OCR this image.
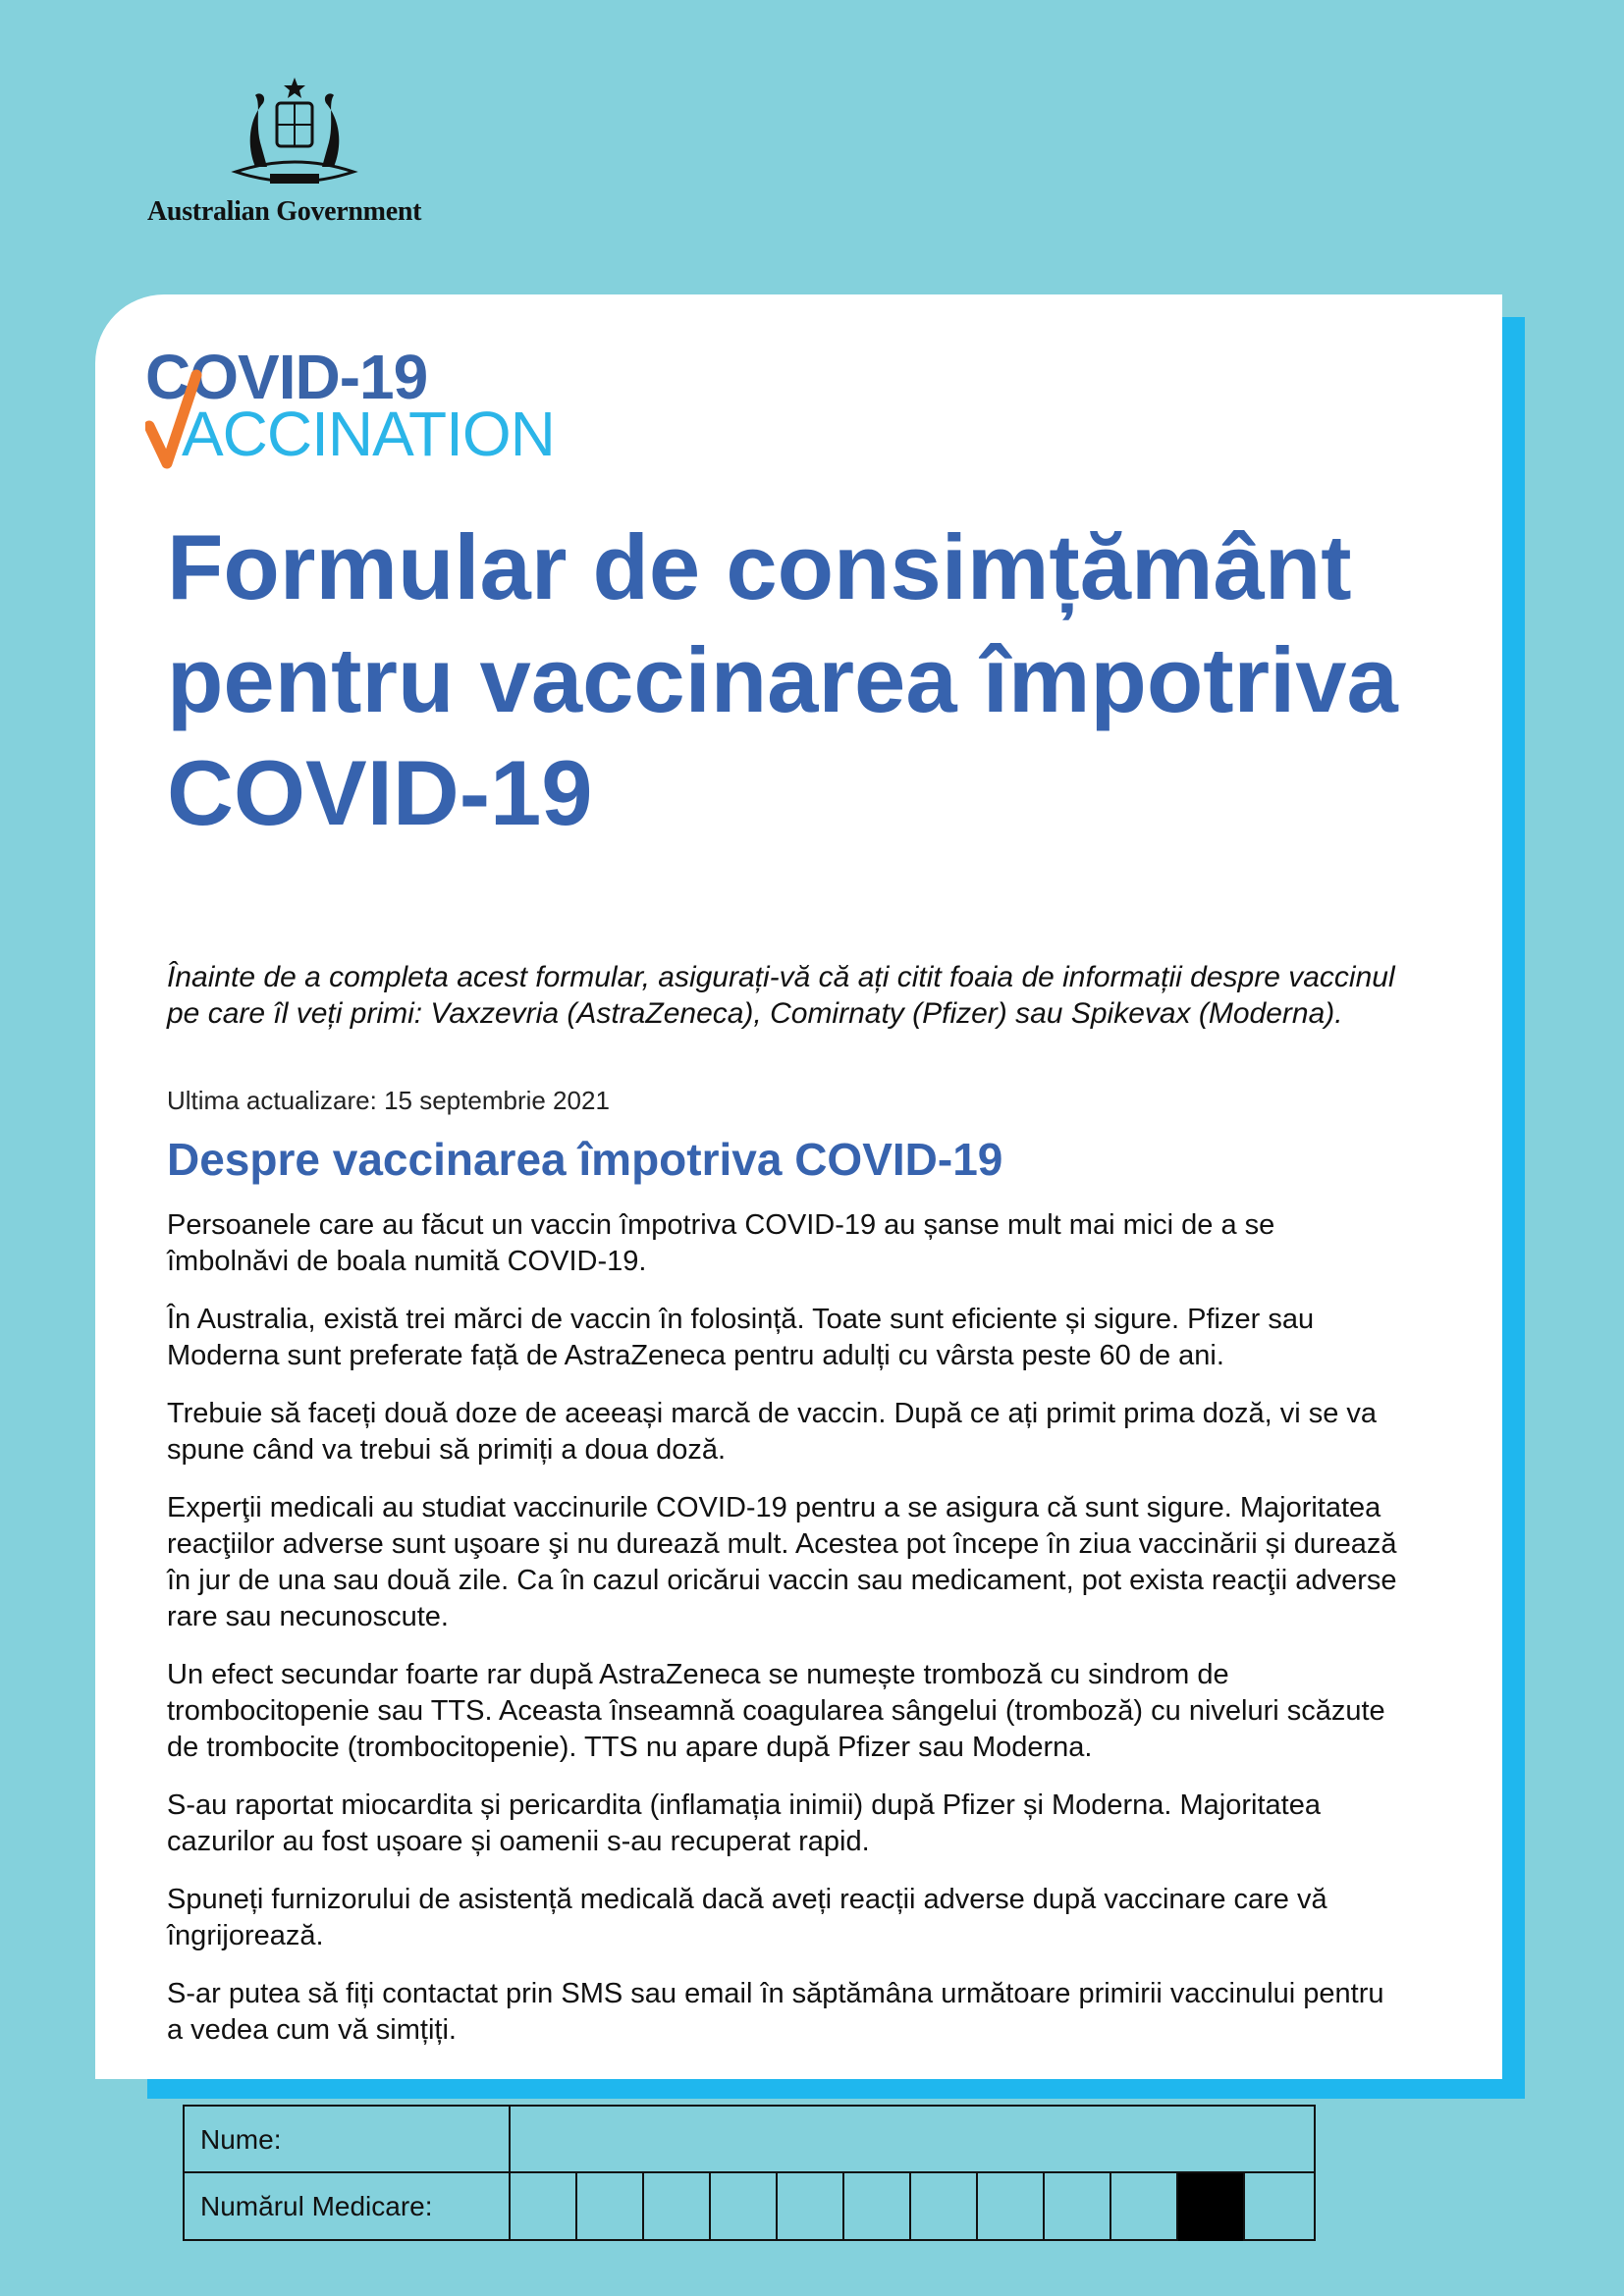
Australian Government
COVID-19
ACCINATION
Formular de consimțământ pentru vaccinarea împotriva COVID-19

Înainte de a completa acest formular, asigurați-vă că ați citit foaia de informații despre vaccinul pe care îl veți primi: Vaxzevria (AstraZeneca), Comirnaty (Pfizer) sau Spikevax (Moderna).

Ultima actualizare: 15 septembrie 2021
Despre vaccinarea împotriva COVID-19

Persoanele care au făcut un vaccin împotriva COVID-19 au șanse mult mai mici de a se îmbolnăvi de boala numită COVID-19.

În Australia, există trei mărci de vaccin în folosință. Toate sunt eficiente și sigure. Pfizer sau Moderna sunt preferate față de AstraZeneca pentru adulți cu vârsta peste 60 de ani.

Trebuie să faceți două doze de aceeași marcă de vaccin. După ce ați primit prima doză, vi se va spune când va trebui să primiți a doua doză.

Experţii medicali au studiat vaccinurile COVID-19 pentru a se asigura că sunt sigure. Majoritatea reacţiilor adverse sunt uşoare şi nu durează mult. Acestea pot începe în ziua vaccinării și durează în jur de una sau două zile. Ca în cazul oricărui vaccin sau medicament, pot exista reacţii adverse rare sau necunoscute.

Un efect secundar foarte rar după AstraZeneca se numește tromboză cu sindrom de trombocitopenie sau TTS. Aceasta înseamnă coagularea sângelui (tromboză) cu niveluri scăzute de trombocite (trombocitopenie). TTS nu apare după Pfizer sau Moderna.

S-au raportat miocardita și pericardita (inflamația inimii) după Pfizer și Moderna. Majoritatea cazurilor au fost ușoare și oamenii s-au recuperat rapid.

Spuneți furnizorului de asistență medicală dacă aveți reacții adverse după vaccinare care vă îngrijorează.

S-ar putea să fiți contactat prin SMS sau email în săptămâna următoare primirii vaccinului pentru a vedea cum vă simțiți.

Nume:
Numărul Medicare:
